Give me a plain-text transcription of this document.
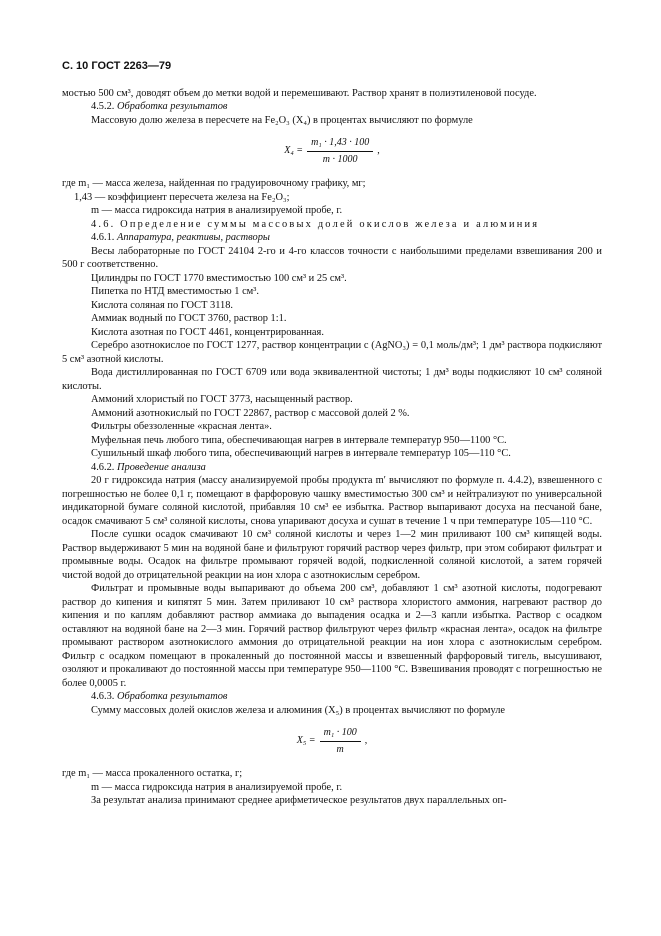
С. 10 ГОСТ 2263—79

мостью 500 см³, доводят объем до метки водой и перемешивают. Раствор хранят в полиэтиленовой посуде.

4.5.2. Обработка результатов

Массовую долю железа в пересчете на Fe₂O₃ (X₄) в процентах вычисляют по формуле

$X_4 = \frac{\text{m₁ · 1,43 · 100}}{m \cdot 1000}$ ,

где m₁ — масса железа, найденная по градуировочному графику, мг;

1,43 — коэффициент пересчета железа на Fe₂O₃;

m — масса гидроксида натрия в анализируемой пробе, г.

4.6. Определение суммы массовых долей окислов железа и алюминия

4.6.1. Аппаратура, реактивы, растворы

Весы лабораторные по ГОСТ 24104 2-го и 4-го классов точности с наибольшими пределами взвешивания 200 и 500 г соответственно.

Цилиндры по ГОСТ 1770 вместимостью 100 см³ и 25 см³.

Пипетка по НТД вместимостью 1 см³.

Кислота соляная по ГОСТ 3118.

Аммиак водный по ГОСТ 3760, раствор 1:1.

Кислота азотная по ГОСТ 4461, концентрированная.

Серебро азотнокислое по ГОСТ 1277, раствор концентрации c (AgNO₃) = 0,1 моль/дм³; 1 дм³ раствора подкисляют 5 см³ азотной кислоты.

Вода дистиллированная по ГОСТ 6709 или вода эквивалентной чистоты; 1 дм³ воды подкисляют 10 см³ соляной кислоты.

Аммоний хлористый по ГОСТ 3773, насыщенный раствор.

Аммоний азотнокислый по ГОСТ 22867, раствор с массовой долей 2 %.

Фильтры обеззоленные «красная лента».

Муфельная печь любого типа, обеспечивающая нагрев в интервале температур 950—1100 °С.

Сушильный шкаф любого типа, обеспечивающий нагрев в интервале температур 105—110 °С.

4.6.2. Проведение анализа

20 г гидроксида натрия (массу анализируемой пробы продукта m′ вычисляют по формуле п. 4.4.2), взвешенного с погрешностью не более 0,1 г, помещают в фарфоровую чашку вместимостью 300 см³ и нейтрализуют по универсальной индикаторной бумаге соляной кислотой, прибавляя 10 см³ ее избытка. Раствор выпаривают досуха на песчаной бане, осадок смачивают 5 см³ соляной кислоты, снова упаривают досуха и сушат в течение 1 ч при температуре 105—110 °С.

После сушки осадок смачивают 10 см³ соляной кислоты и через 1—2 мин приливают 100 см³ кипящей воды. Раствор выдерживают 5 мин на водяной бане и фильтруют горячий раствор через фильтр, при этом собирают фильтрат и промывные воды. Осадок на фильтре промывают горячей водой, подкисленной соляной кислотой, а затем горячей чистой водой до отрицательной реакции на ион хлора с азотнокислым серебром.

Фильтрат и промывные воды выпаривают до объема 200 см³, добавляют 1 см³ азотной кислоты, подогревают раствор до кипения и кипятят 5 мин. Затем приливают 10 см³ раствора хлористого аммония, нагревают раствор до кипения и по каплям добавляют раствор аммиака до выпадения осадка и 2—3 капли избытка. Раствор с осадком оставляют на водяной бане на 2—3 мин. Горячий раствор фильтруют через фильтр «красная лента», осадок на фильтре промывают раствором азотнокислого аммония до отрицательной реакции на ион хлора с азотнокислым серебром. Фильтр с осадком помещают в прокаленный до постоянной массы и взвешенный фарфоровый тигель, высушивают, озоляют и прокаливают до постоянной массы при температуре 950—1100 °С. Взвешивания проводят с погрешностью не более 0,0005 г.

4.6.3. Обработка результатов

Сумму массовых долей окислов железа и алюминия (X₅) в процентах вычисляют по формуле

$X_5 = \frac{\text{m₁ · 100}}{m}$ ,

где m₁ — масса прокаленного остатка, г;

m — масса гидроксида натрия в анализируемой пробе, г.

За результат анализа принимают среднее арифметическое результатов двух параллельных оп-
